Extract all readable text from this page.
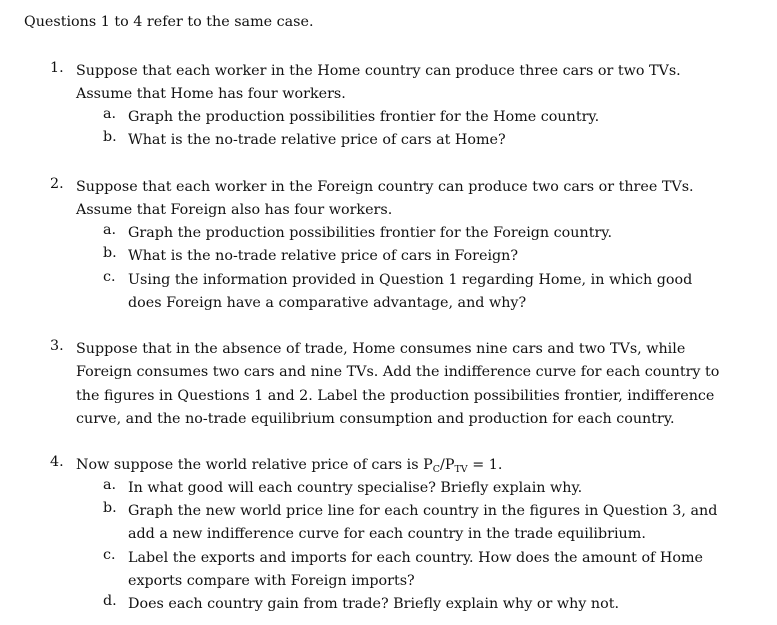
Questions 1 to 4 refer to the same case.
1. Suppose that each worker in the Home country can produce three cars or two TVs.
Assume that Home has four workers.
a. Graph the production possibilities frontier for the Home country.
b. What is the no-trade relative price of cars at Home?
2. Suppose that each worker in the Foreign country can produce two cars or three TVs.
Assume that Foreign also has four workers.
a. Graph the production possibilities frontier for the Foreign country.
b. What is the no-trade relative price of cars in Foreign?
c. Using the information provided in Question 1 regarding Home, in which good
does Foreign have a comparative advantage, and why?
3. Suppose that in the absence of trade, Home consumes nine cars and two TVs, while
Foreign consumes two cars and nine TVs. Add the indifference curve for each country to
the figures in Questions 1 and 2. Label the production possibilities frontier, indifference
curve, and the no-trade equilibrium consumption and production for each country.
4. Now suppose the world relative price of cars is $P_C/P_{TV} = 1$.
a. In what good will each country specialise? Briefly explain why.
b. Graph the new world price line for each country in the figures in Question 3, and
add a new indifference curve for each country in the trade equilibrium.
c. Label the exports and imports for each country. How does the amount of Home
exports compare with Foreign imports?
d. Does each country gain from trade? Briefly explain why or why not.
